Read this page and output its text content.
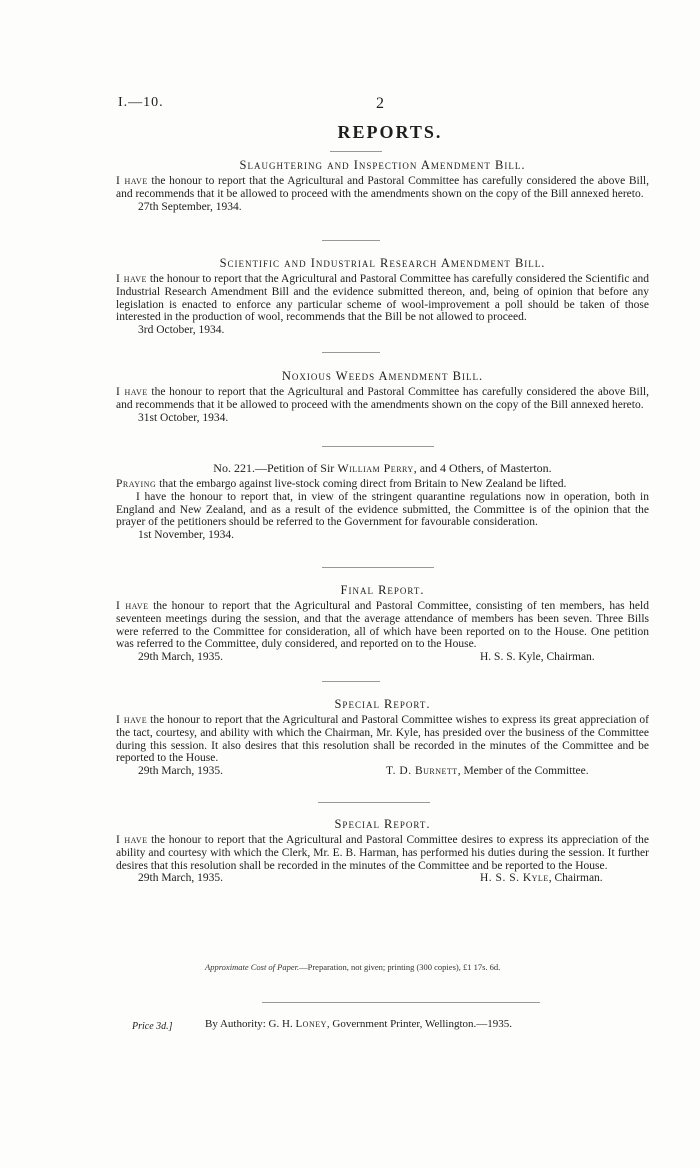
I.—10.	2
REPORTS.
Slaughtering and Inspection Amendment Bill.

I have the honour to report that the Agricultural and Pastoral Committee has carefully considered the above Bill, and recommends that it be allowed to proceed with the amendments shown on the copy of the Bill annexed hereto.

27th September, 1934.
Scientific and Industrial Research Amendment Bill.

I have the honour to report that the Agricultural and Pastoral Committee has carefully considered the Scientific and Industrial Research Amendment Bill and the evidence submitted thereon, and, being of opinion that before any legislation is enacted to enforce any particular scheme of wool-improvement a poll should be taken of those interested in the production of wool, recommends that the Bill be not allowed to proceed.

3rd October, 1934.
Noxious Weeds Amendment Bill.

I have the honour to report that the Agricultural and Pastoral Committee has carefully considered the above Bill, and recommends that it be allowed to proceed with the amendments shown on the copy of the Bill annexed hereto.

31st October, 1934.
No. 221.—Petition of Sir William Perry, and 4 Others, of Masterton.

Praying that the embargo against live-stock coming direct from Britain to New Zealand be lifted.

I have the honour to report that, in view of the stringent quarantine regulations now in operation, both in England and New Zealand, and as a result of the evidence submitted, the Committee is of the opinion that the prayer of the petitioners should be referred to the Government for favourable consideration.

1st November, 1934.
Final Report.

I have the honour to report that the Agricultural and Pastoral Committee, consisting of ten members, has held seventeen meetings during the session, and that the average attendance of members has been seven. Three Bills were referred to the Committee for consideration, all of which have been reported on to the House. One petition was referred to the Committee, duly considered, and reported on to the House.

29th March, 1935.	H. S. S. Kyle, Chairman.
Special Report.

I have the honour to report that the Agricultural and Pastoral Committee wishes to express its great appreciation of the tact, courtesy, and ability with which the Chairman, Mr. Kyle, has presided over the business of the Committee during this session. It also desires that this resolution shall be recorded in the minutes of the Committee and be reported to the House.

29th March, 1935.	T. D. Burnett, Member of the Committee.
Special Report.

I have the honour to report that the Agricultural and Pastoral Committee desires to express its appreciation of the ability and courtesy with which the Clerk, Mr. E. B. Harman, has performed his duties during the session. It further desires that this resolution shall be recorded in the minutes of the Committee and be reported to the House.

29th March, 1935.	H. S. S. Kyle, Chairman.
Approximate Cost of Paper.—Preparation, not given; printing (300 copies), £1 17s. 6d.
Price 3d.]	By Authority: G. H. Loney, Government Printer, Wellington.—1935.
